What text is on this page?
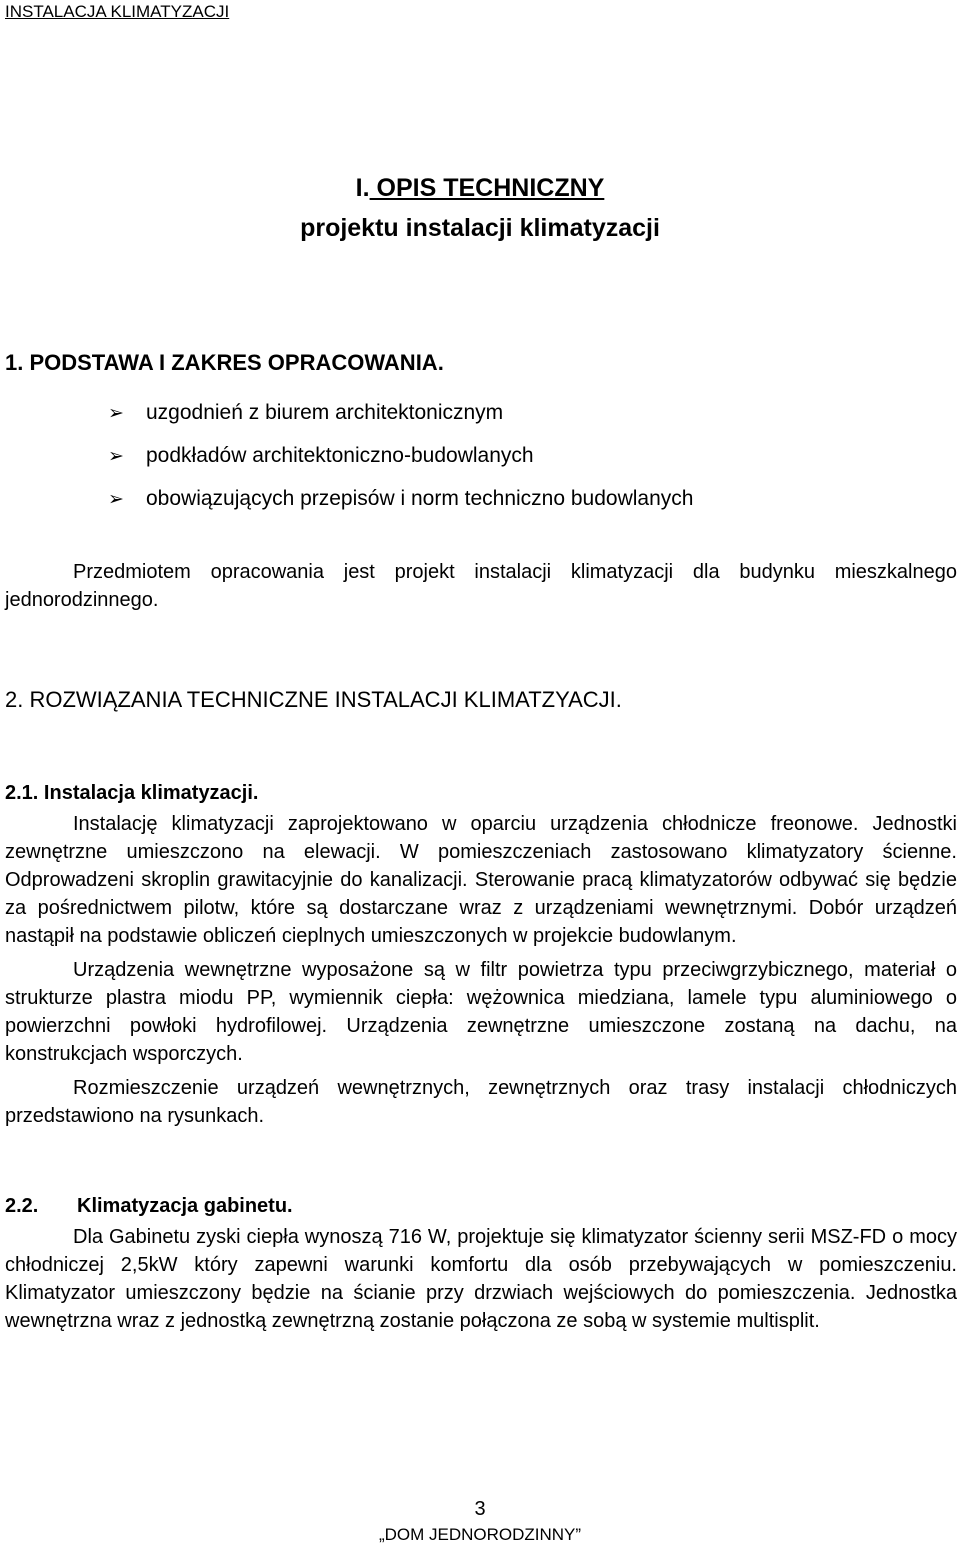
INSTALACJA KLIMATYZACJI
I. OPIS TECHNICZNY
projektu instalacji klimatyzacji
1. PODSTAWA I ZAKRES OPRACOWANIA.
➢ uzgodnień z biurem architektonicznym
➢ podkładów architektoniczno-budowlanych
➢ obowiązujących przepisów i norm techniczno budowlanych

Przedmiotem opracowania jest projekt instalacji klimatyzacji dla budynku mieszkalnego jednorodzinnego.

2. ROZWIĄZANIA TECHNICZNE INSTALACJI KLIMATZYACJI.
2.1. Instalacja klimatyzacji.

Instalację klimatyzacji zaprojektowano w oparciu urządzenia chłodnicze freonowe. Jednostki zewnętrzne umieszczono na elewacji. W pomieszczeniach zastosowano klimatyzatory ścienne. Odprowadzeni skroplin grawitacyjnie do kanalizacji. Sterowanie pracą klimatyzatorów odbywać się będzie za pośrednictwem pilotw, które są dostarczane wraz z urządzeniami wewnętrznymi. Dobór urządzeń nastąpił na podstawie obliczeń cieplnych umieszczonych w projekcie budowlanym.

Urządzenia wewnętrzne wyposażone są w filtr powietrza typu przeciwgrzybicznego, materiał o strukturze plastra miodu PP, wymiennik ciepła: wężownica miedziana, lamele typu aluminiowego o powierzchni powłoki hydrofilowej. Urządzenia zewnętrzne umieszczone zostaną na dachu, na konstrukcjach wsporczych.

Rozmieszczenie urządzeń wewnętrznych, zewnętrznych oraz trasy instalacji chłodniczych przedstawiono na rysunkach.

2.2. Klimatyzacja gabinetu.

Dla Gabinetu zyski ciepła wynoszą 716 W, projektuje się klimatyzator ścienny serii MSZ-FD o mocy chłodniczej 2,5kW który zapewni warunki komfortu dla osób przebywających w pomieszczeniu. Klimatyzator umieszczony będzie na ścianie przy drzwiach wejściowych do pomieszczenia. Jednostka wewnętrzna wraz z jednostką zewnętrzną zostanie połączona ze sobą w systemie multisplit.

3
„DOM JEDNORODZINNY”
